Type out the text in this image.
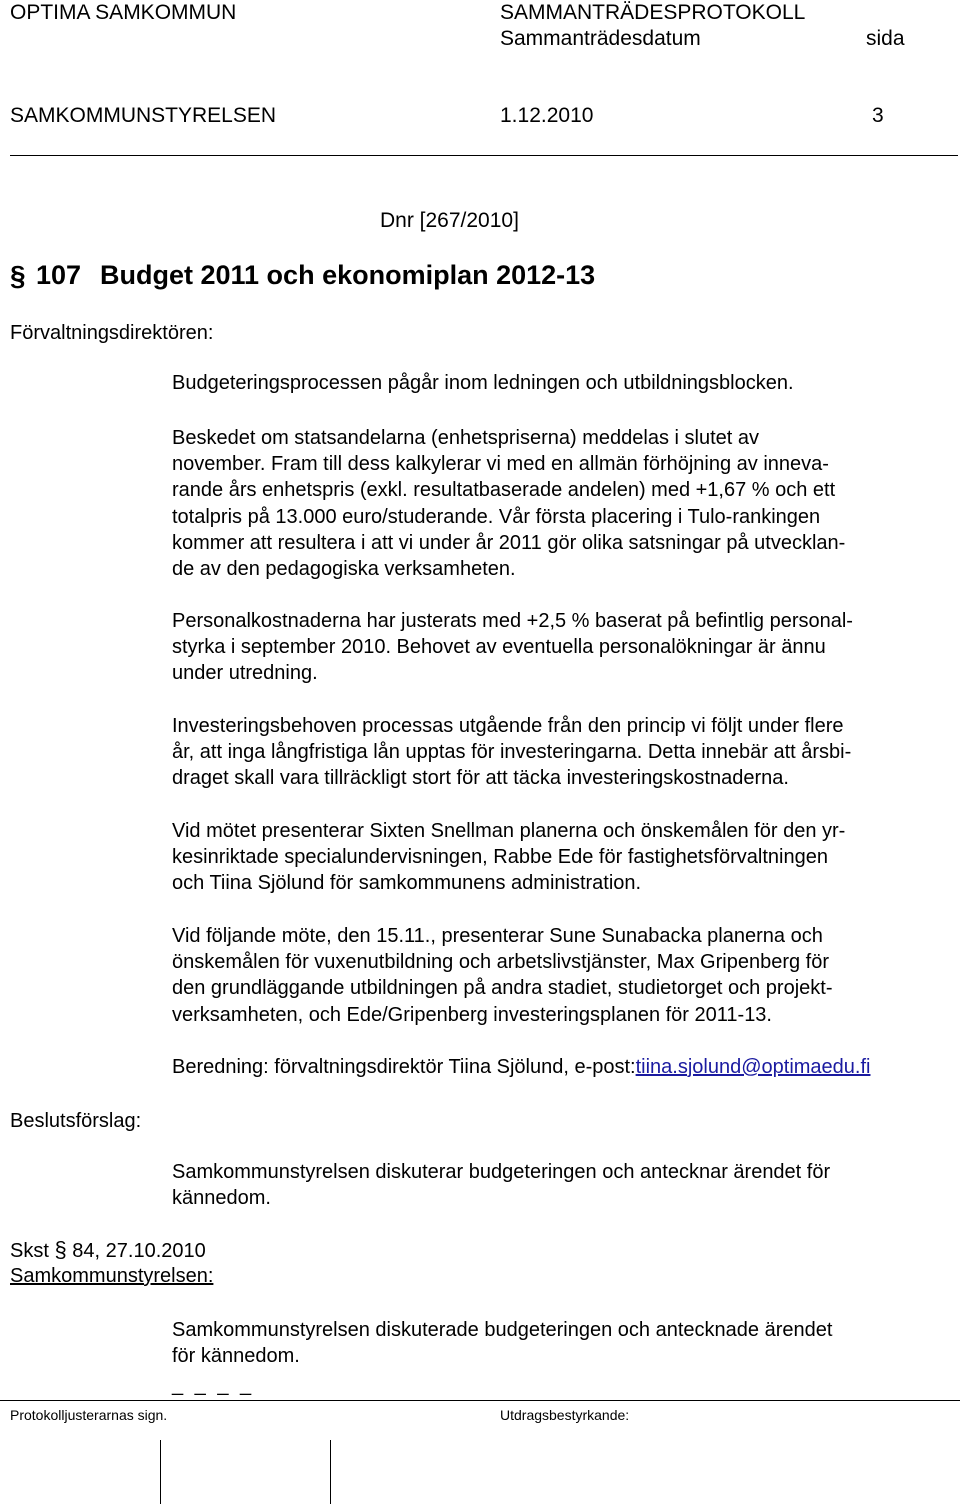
OPTIMA SAMKOMMUN	SAMMANTRÄDESPROTOKOLL
Sammanträdesdatum	sida
SAMKOMMUNSTYRELSEN	1.12.2010	3
Dnr [267/2010]
§ 107 Budget 2011 och ekonomiplan 2012-13
Förvaltningsdirektören:

Budgeteringsprocessen pågår inom ledningen och utbildningsblocken.

Beskedet om statsandelarna (enhetspriserna) meddelas i slutet av

november. Fram till dess kalkylerar vi med en allmän förhöjning av inneva-

rande års enhetspris (exkl. resultatbaserade andelen) med +1,67 % och ett

totalpris på 13.000 euro/studerande. Vår första placering i Tulo-rankingen

kommer att resultera i att vi under år 2011 gör olika satsningar på utvecklan-

de av den pedagogiska verksamheten.

Personalkostnaderna har justerats med +2,5 % baserat på befintlig personal-

styrka i september 2010. Behovet av eventuella personalökningar är ännu

under utredning.

Investeringsbehoven processas utgående från den princip vi följt under flere

år, att inga långfristiga lån upptas för investeringarna. Detta innebär att årsbi-

draget skall vara tillräckligt stort för att täcka investeringskostnaderna.

Vid mötet presenterar Sixten Snellman planerna och önskemålen för den yr-

kesinriktade specialundervisningen, Rabbe Ede för fastighetsförvaltningen

och Tiina Sjölund för samkommunens administration.

Vid följande möte, den 15.11., presenterar Sune Sunabacka planerna och

önskemålen för vuxenutbildning och arbetslivstjänster, Max Gripenberg för

den grundläggande utbildningen på andra stadiet, studietorget och projekt-

verksamheten, och Ede/Gripenberg investeringsplanen för 2011-13.

Beredning: förvaltningsdirektör Tiina Sjölund, e-post:tiina.sjolund@optimaedu.fi

Beslutsförslag:

Samkommunstyrelsen diskuterar budgeteringen och antecknar ärendet för

kännedom.

Skst § 84, 27.10.2010
Samkommunstyrelsen:

Samkommunstyrelsen diskuterade budgeteringen och antecknade ärendet

för kännedom.

_ _ _ _
Protokolljusterarnas sign.	Utdragsbestyrkande:
